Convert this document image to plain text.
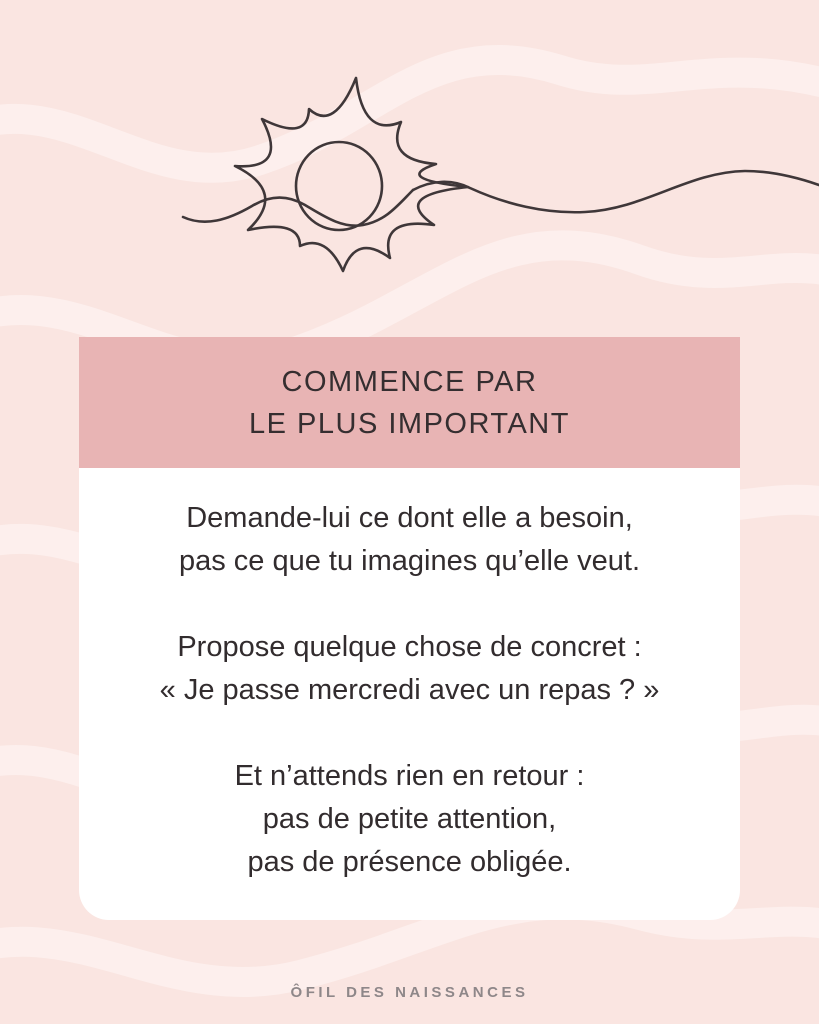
COMMENCE PAR
LE PLUS IMPORTANT

Demande-lui ce dont elle a besoin,
pas ce que tu imagines qu’elle veut.

Propose quelque chose de concret :
« Je passe mercredi avec un repas ? »

Et n’attends rien en retour :
pas de petite attention,
pas de présence obligée.

ÔFIL DES NAISSANCES
